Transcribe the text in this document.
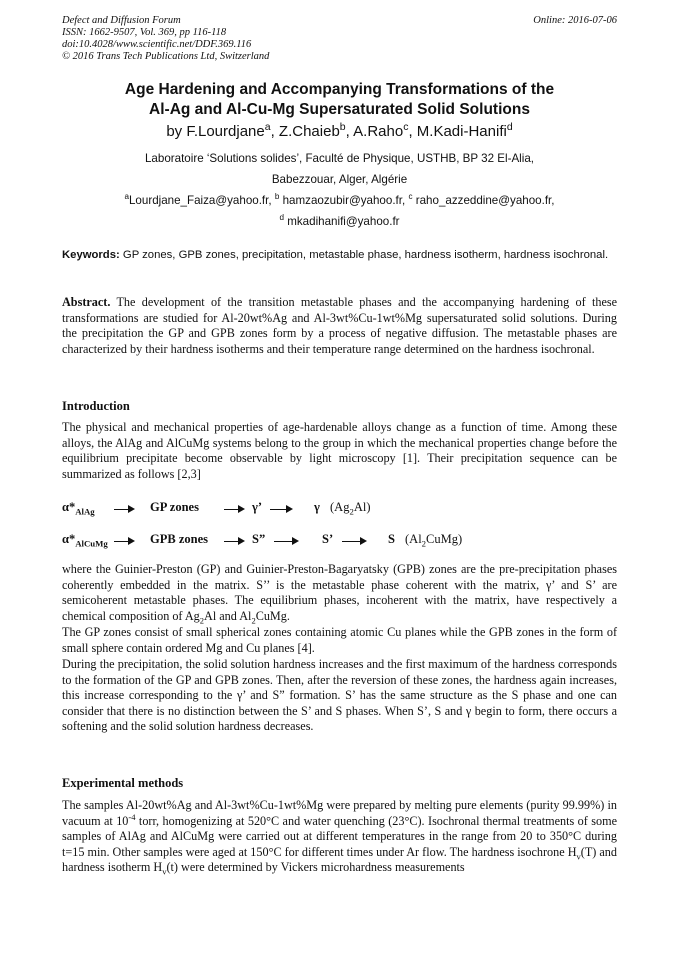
Defect and Diffusion Forum
ISSN: 1662-9507, Vol. 369, pp 116-118
doi:10.4028/www.scientific.net/DDF.369.116
© 2016 Trans Tech Publications Ltd, Switzerland
Online: 2016-07-06
Age Hardening and Accompanying Transformations of the
Al-Ag and Al-Cu-Mg Supersaturated Solid Solutions
by F.Lourdjane$^a$, Z.Chaieb$^b$, A.Raho$^c$, M.Kadi-Hanifi$^d$
Laboratoire ‘Solutions solides’, Faculté de Physique, USTHB, BP 32 El-Alia,
Babezzouar, Alger, Algérie
$^a$Lourdjane_Faiza@yahoo.fr, $^b$ hamzaozubir@yahoo.fr, $^c$ raho_azzeddine@yahoo.fr,
$^d$ mkadihanifi@yahoo.fr
Keywords: GP zones, GPB zones, precipitation, metastable phase, hardness isotherm, hardness isochronal.

Abstract. The development of the transition metastable phases and the accompanying hardening of these transformations are studied for Al-20wt%Ag and Al-3wt%Cu-1wt%Mg supersaturated solid solutions. During the precipitation the GP and GPB zones form by a process of negative diffusion. The metastable phases are characterized by their hardness isotherms and their temperature range determined on the hardness isochronal.

Introduction

The physical and mechanical properties of age-hardenable alloys change as a function of time. Among these alloys, the AlAg and AlCuMg systems belong to the group in which the mechanical properties change before the equilibrium precipitate become observable by light microscopy [1]. Their precipitation sequence can be summarized as follows [2,3]

$\alpha*_{AlAg}$	GP zones	γ’	γ $(Ag_2Al)$
$\alpha*_{AlCuMg}$	GPB zones	S”	S’	S $(Al_2CuMg)$

where the Guinier-Preston (GP) and Guinier-Preston-Bagaryatsky (GPB) zones are the pre-precipitation phases coherently embedded in the matrix. S’’ is the metastable phase coherent with the matrix, γ’ and S’ are semicoherent metastable phases. The equilibrium phases, incoherent with the matrix, have respectively a chemical composition of $Ag_2Al$ and $Al_2CuMg$.

The GP zones consist of small spherical zones containing atomic Cu planes while the GPB zones in the form of small sphere contain ordered Mg and Cu planes [4].

During the precipitation, the solid solution hardness increases and the first maximum of the hardness corresponds to the formation of the GP and GPB zones. Then, after the reversion of these zones, the hardness again increases, this increase corresponding to the γ’ and S” formation. S’ has the same structure as the S phase and one can consider that there is no distinction between the S’ and S phases. When S’, S and γ begin to form, there occurs a softening and the solid solution hardness decreases.

Experimental methods

The samples Al-20wt%Ag and Al-3wt%Cu-1wt%Mg were prepared by melting pure elements (purity 99.99%) in vacuum at $10^{-4}$ torr, homogenizing at 520°C and water quenching (23°C). Isochronal thermal treatments of some samples of AlAg and AlCuMg were carried out at different temperatures in the range from 20 to 350°C during t=15 min. Other samples were aged at 150°C for different times under Ar flow. The hardness isochrone $H_v(T)$ and hardness isotherm $H_v(t)$ were determined by Vickers microhardness measurements
